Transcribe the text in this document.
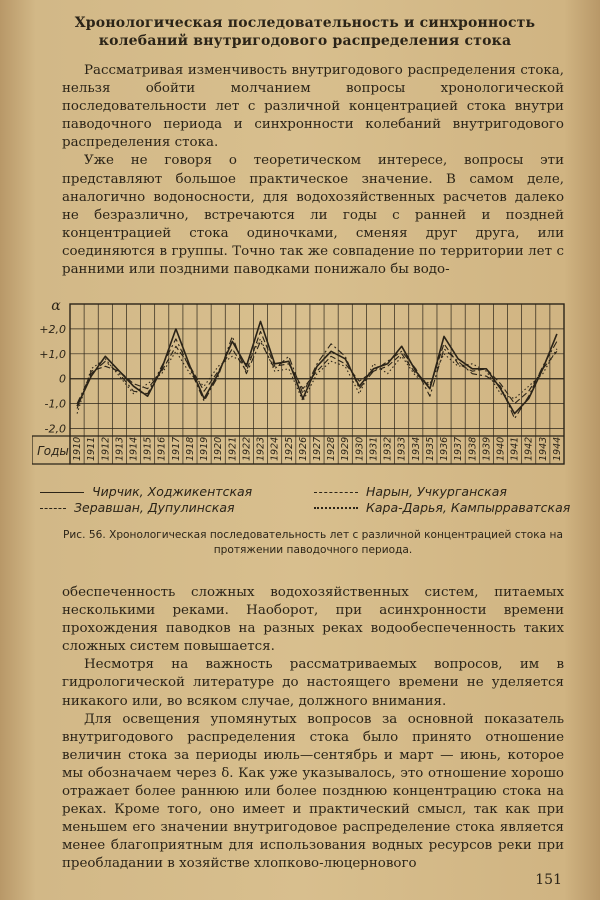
Хронологическая последовательность и синхронность
колебаний внутригодового распределения стока

Рассматривая изменчивость внутригодового распределения стока, нельзя обойти молчанием вопросы хронологической последовательности лет с различной концентрацией стока внутри паводочного периода и синхронности колебаний внутригодового распределения стока.

Уже не говоря о теоретическом интересе, вопросы эти представляют большое практическое значение. В самом деле, аналогично водоносности, для водохозяйственных расчетов далеко не безразлично, встречаются ли годы с ранней и поздней концентрацией стока одиночками, сменяя друг друга, или соединяются в группы. Точно так же совпадение по территории лет с ранними или поздними паводками понижало бы водо-

+2,0
+1,0
0
-1,0
-2,0
α
Годы 1910 1911 1912 1913 1914 1915 1916 1917 1918 1919 1920 1921 1922 1923 1924 1925 1926 1927 1928 1929 1930 1931 1932 1933 1934 1935 1936 1937 1938 1939 1940 1941 1942 1943 1944
Чирчик, Ходжикентская
Зеравшан, Дупулинская
Нарын, Учкурганская
Кара-Дарья, Кампырраватская
Рис. 56. Хронологическая последовательность лет с различной концентрацией стока на протяжении паводочного периода.

обеспеченность сложных водохозяйственных систем, питаемых несколькими реками. Наоборот, при асинхронности времени прохождения паводков на разных реках водообеспеченность таких сложных систем повышается.

Несмотря на важность рассматриваемых вопросов, им в гидрологической литературе до настоящего времени не уделяется никакого или, во всяком случае, должного внимания.

Для освещения упомянутых вопросов за основной показатель внутригодового распределения стока было принято отношение величин стока за периоды июль—сентябрь и март — июнь, которое мы обозначаем через δ. Как уже указывалось, это отношение хорошо отражает более раннюю или более позднюю концентрацию стока на реках. Кроме того, оно имеет и практический смысл, так как при меньшем его значении внутригодовое распределение стока является менее благоприятным для использования водных ресурсов реки при преобладании в хозяйстве хлопково-люцернового

151
